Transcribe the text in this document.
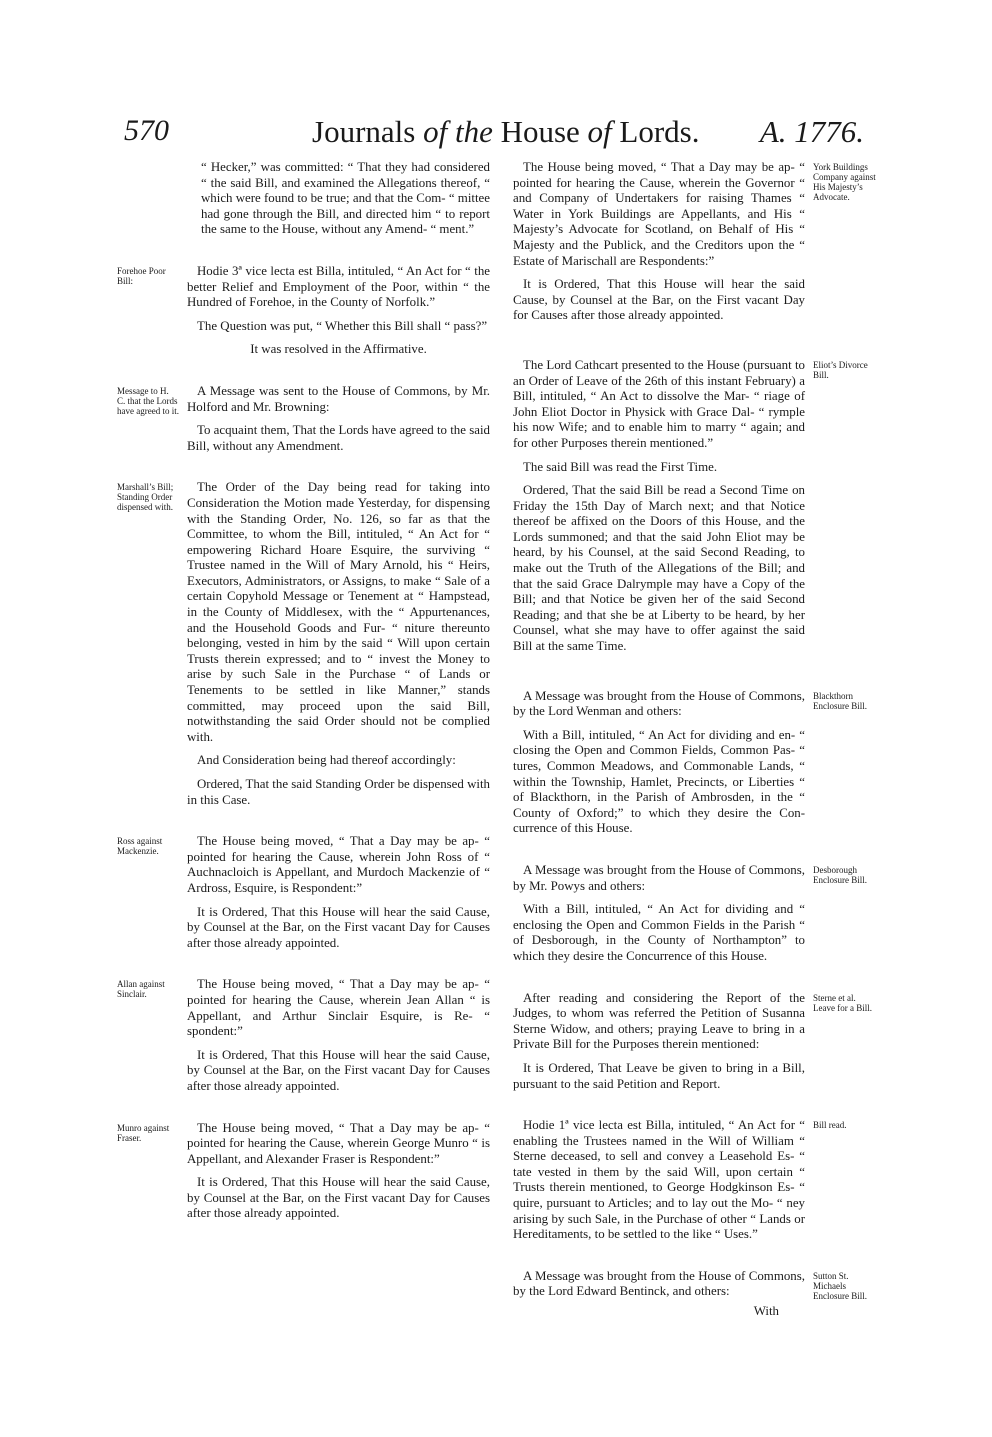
570	Journals of the House of Lords. A. 1776.

“ Hecker,” was committed: “ That they had considered “ the said Bill, and examined the Allegations thereof, “ which were found to be true; and that the Com- “ mittee had gone through the Bill, and directed him “ to report the same to the House, without any Amend- “ ment.”

Forehoe Poor Bill:

Hodie 3ª vice lecta est Billa, intituled, “ An Act for “ the better Relief and Employment of the Poor, within “ the Hundred of Forehoe, in the County of Norfolk.”

The Question was put, “ Whether this Bill shall “ pass?”

It was resolved in the Affirmative.

Message to H. C. that the Lords have agreed to it.

A Message was sent to the House of Commons, by Mr. Holford and Mr. Browning:

To acquaint them, That the Lords have agreed to the said Bill, without any Amendment.

Marshall’s Bill; Standing Order dispensed with.

The Order of the Day being read for taking into Consideration the Motion made Yesterday, for dispensing with the Standing Order, No. 126, so far as that the Committee, to whom the Bill, intituled, “ An Act for “ empowering Richard Hoare Esquire, the surviving “ Trustee named in the Will of Mary Arnold, his “ Heirs, Executors, Administrators, or Assigns, to make “ Sale of a certain Copyhold Message or Tenement at “ Hampstead, in the County of Middlesex, with the “ Appurtenances, and the Household Goods and Fur- “ niture thereunto belonging, vested in him by the said “ Will upon certain Trusts therein expressed; and to “ invest the Money to arise by such Sale in the Purchase “ of Lands or Tenements to be settled in like Manner,” stands committed, may proceed upon the said Bill, notwithstanding the said Order should not be complied with.

And Consideration being had thereof accordingly:

Ordered, That the said Standing Order be dispensed with in this Case.

Ross against Mackenzie.

The House being moved, “ That a Day may be ap- “ pointed for hearing the Cause, wherein John Ross of “ Auchnacloich is Appellant, and Murdoch Mackenzie of “ Ardross, Esquire, is Respondent:”

It is Ordered, That this House will hear the said Cause, by Counsel at the Bar, on the First vacant Day for Causes after those already appointed.

Allan against Sinclair.

The House being moved, “ That a Day may be ap- “ pointed for hearing the Cause, wherein Jean Allan “ is Appellant, and Arthur Sinclair Esquire, is Re- “ spondent:”

It is Ordered, That this House will hear the said Cause, by Counsel at the Bar, on the First vacant Day for Causes after those already appointed.

Munro against Fraser.

The House being moved, “ That a Day may be ap- “ pointed for hearing the Cause, wherein George Munro “ is Appellant, and Alexander Fraser is Respondent:”

It is Ordered, That this House will hear the said Cause, by Counsel at the Bar, on the First vacant Day for Causes after those already appointed.

York Buildings Company against His Majesty’s Advocate.

The House being moved, “ That a Day may be ap- “ pointed for hearing the Cause, wherein the Governor “ and Company of Undertakers for raising Thames “ Water in York Buildings are Appellants, and His “ Majesty’s Advocate for Scotland, on Behalf of His “ Majesty and the Publick, and the Creditors upon the “ Estate of Marischall are Respondents:”

It is Ordered, That this House will hear the said Cause, by Counsel at the Bar, on the First vacant Day for Causes after those already appointed.

Eliot’s Divorce Bill.

The Lord Cathcart presented to the House (pursuant to an Order of Leave of the 26th of this instant February) a Bill, intituled, “ An Act to dissolve the Mar- “ riage of John Eliot Doctor in Physick with Grace Dal- “ rymple his now Wife; and to enable him to marry “ again; and for other Purposes therein mentioned.”

The said Bill was read the First Time.

Ordered, That the said Bill be read a Second Time on Friday the 15th Day of March next; and that Notice thereof be affixed on the Doors of this House, and the Lords summoned; and that the said John Eliot may be heard, by his Counsel, at the said Second Reading, to make out the Truth of the Allegations of the Bill; and that the said Grace Dalrymple may have a Copy of the Bill; and that Notice be given her of the said Second Reading; and that she be at Liberty to be heard, by her Counsel, what she may have to offer against the said Bill at the same Time.

Blackthorn Enclosure Bill.

A Message was brought from the House of Commons, by the Lord Wenman and others:

With a Bill, intituled, “ An Act for dividing and en- “ closing the Open and Common Fields, Common Pas- “ tures, Common Meadows, and Commonable Lands, “ within the Township, Hamlet, Precincts, or Liberties “ of Blackthorn, in the Parish of Ambrosden, in the “ County of Oxford;” to which they desire the Con- currence of this House.

Desborough Enclosure Bill.

A Message was brought from the House of Commons, by Mr. Powys and others:

With a Bill, intituled, “ An Act for dividing and “ enclosing the Open and Common Fields in the Parish “ of Desborough, in the County of Northampton” to which they desire the Concurrence of this House.

Sterne et al. Leave for a Bill.

After reading and considering the Report of the Judges, to whom was referred the Petition of Susanna Sterne Widow, and others; praying Leave to bring in a Private Bill for the Purposes therein mentioned:

It is Ordered, That Leave be given to bring in a Bill, pursuant to the said Petition and Report.

Bill read.

Hodie 1ª vice lecta est Billa, intituled, “ An Act for “ enabling the Trustees named in the Will of William “ Sterne deceased, to sell and convey a Leasehold Es- “ tate vested in them by the said Will, upon certain “ Trusts therein mentioned, to George Hodgkinson Es- “ quire, pursuant to Articles; and to lay out the Mo- “ ney arising by such Sale, in the Purchase of other “ Lands or Hereditaments, to be settled to the like “ Uses.”

Sutton St. Michaels Enclosure Bill.

A Message was brought from the House of Commons, by the Lord Edward Bentinck, and others:

With
